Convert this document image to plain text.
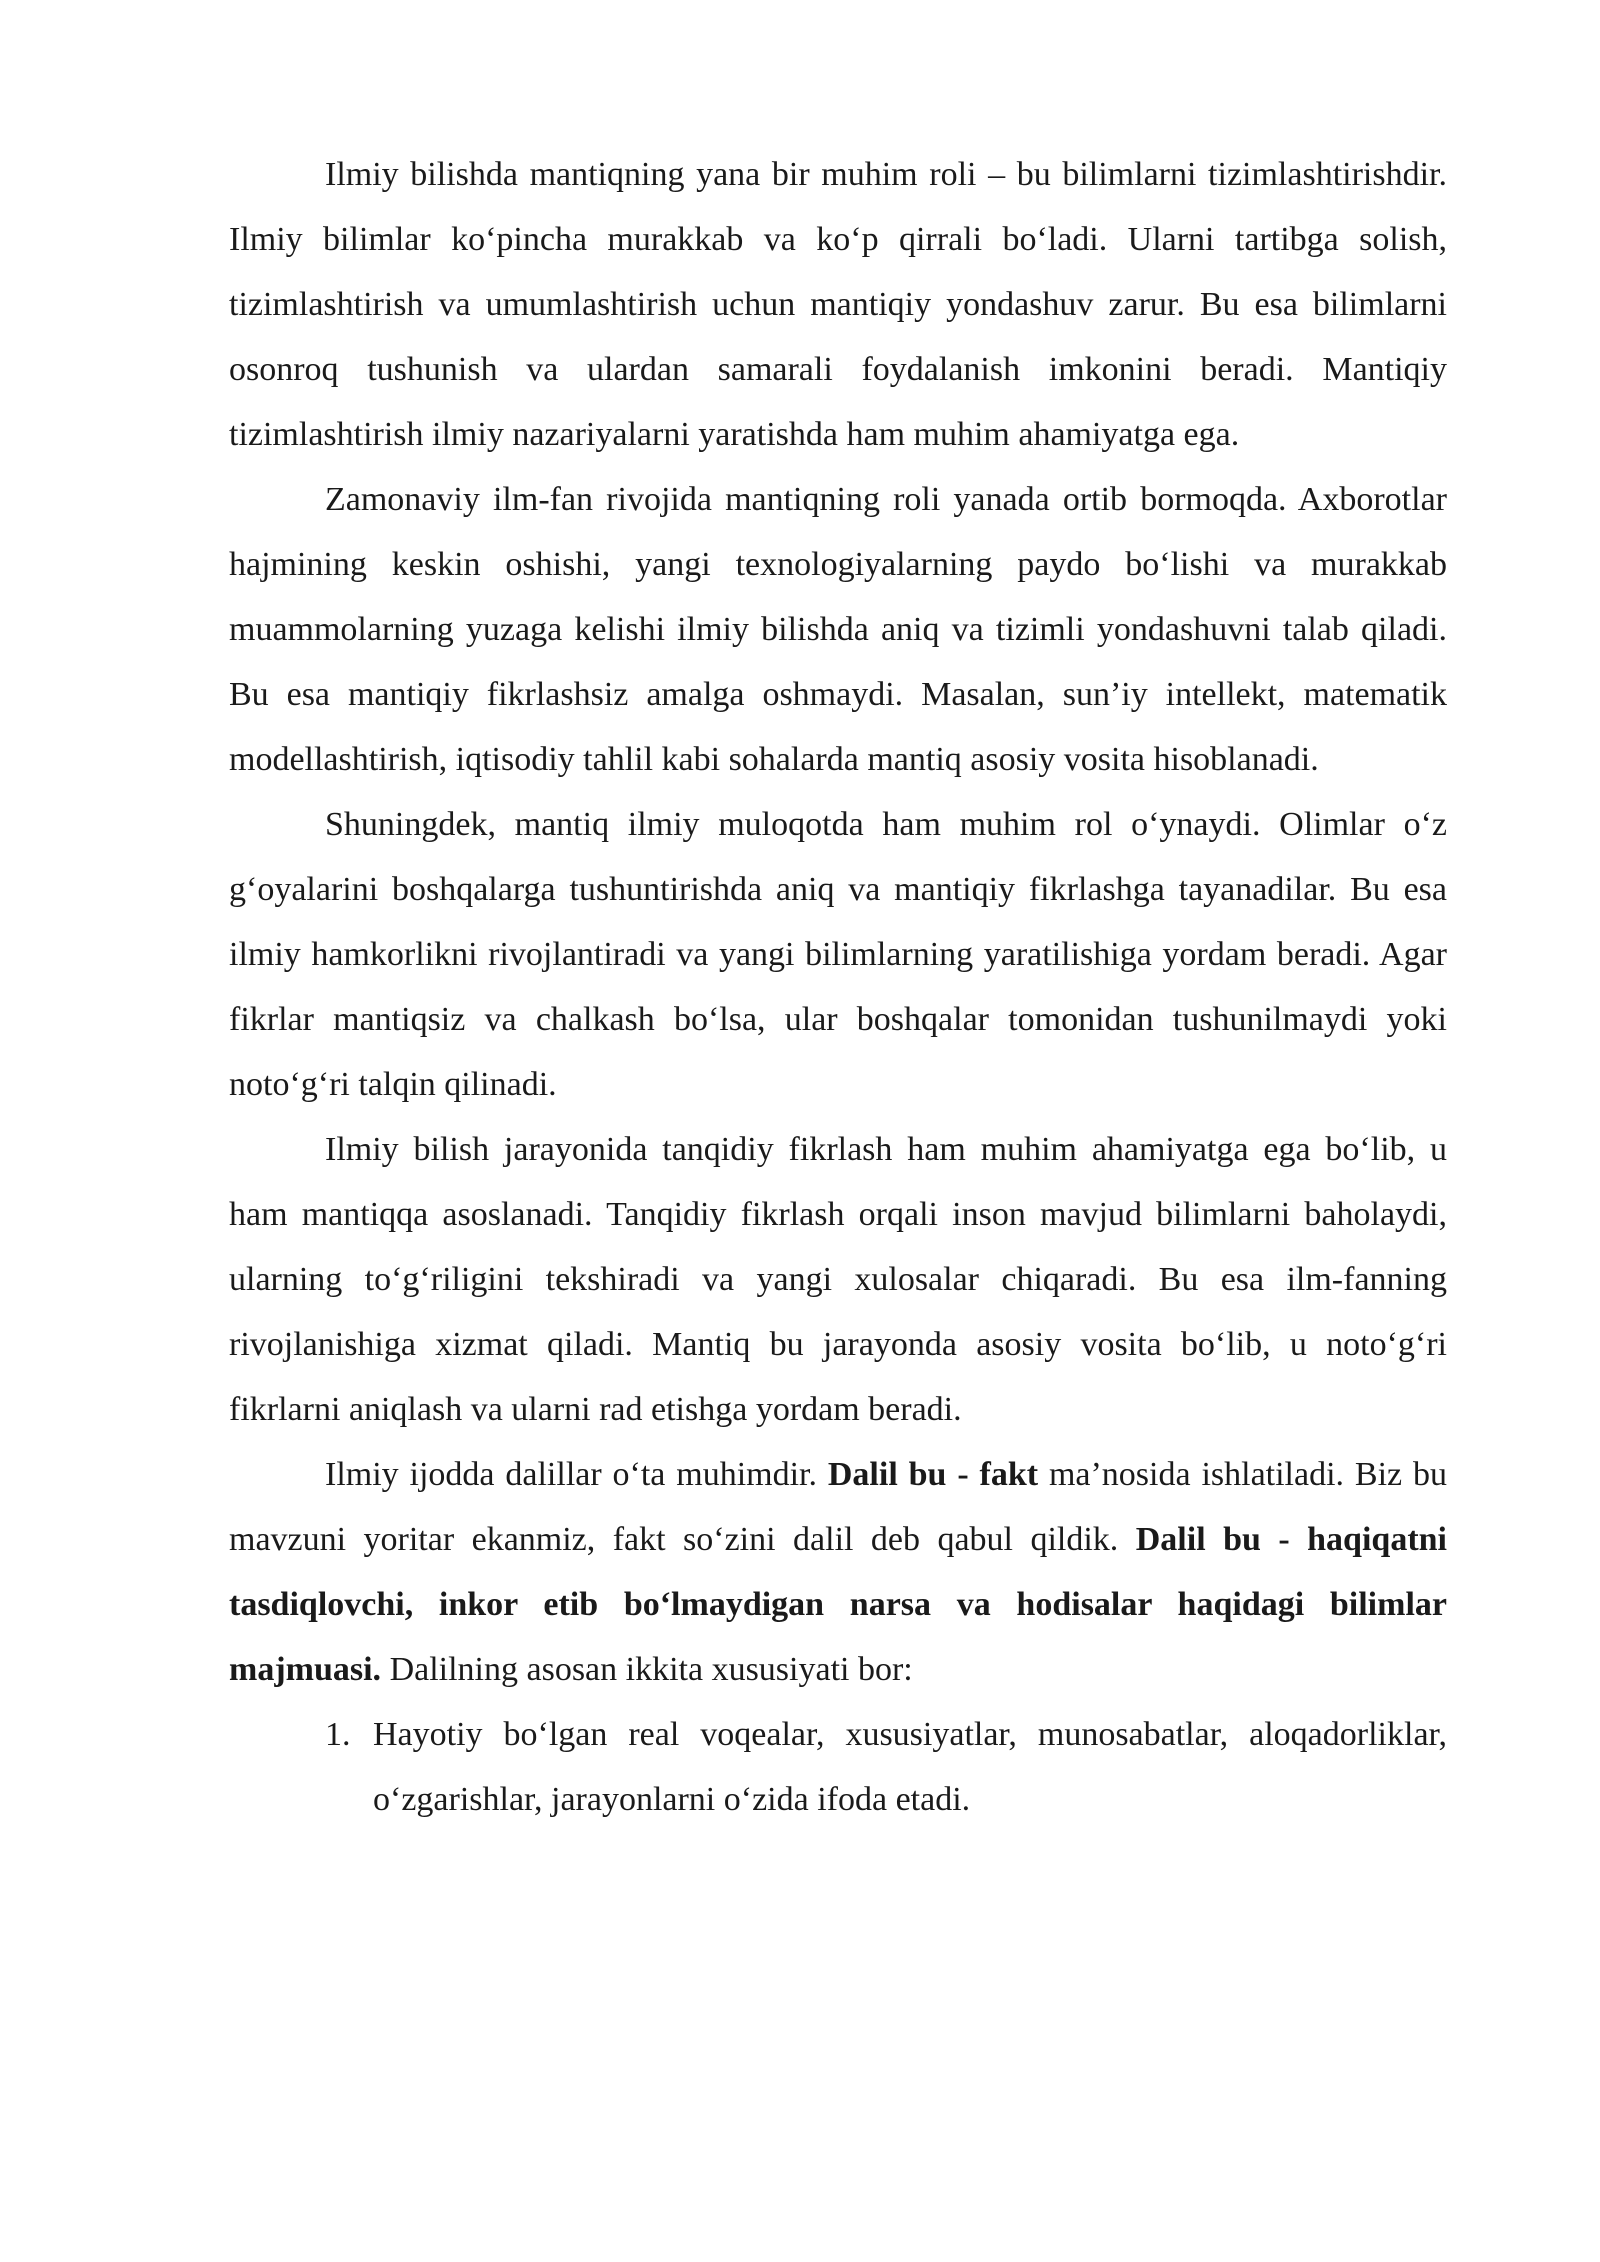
Ilmiy bilishda mantiqning yana bir muhim roli – bu bilimlarni tizimlashtirishdir. Ilmiy bilimlar ko‘pincha murakkab va ko‘p qirrali bo‘ladi. Ularni tartibga solish, tizimlashtirish va umumlashtirish uchun mantiqiy yondashuv zarur. Bu esa bilimlarni osonroq tushunish va ulardan samarali foydalanish imkonini beradi. Mantiqiy tizimlashtirish ilmiy nazariyalarni yaratishda ham muhim ahamiyatga ega.

Zamonaviy ilm-fan rivojida mantiqning roli yanada ortib bormoqda. Axborotlar hajmining keskin oshishi, yangi texnologiyalarning paydo bo‘lishi va murakkab muammolarning yuzaga kelishi ilmiy bilishda aniq va tizimli yondashuvni talab qiladi. Bu esa mantiqiy fikrlashsiz amalga oshmaydi. Masalan, sun’iy intellekt, matematik modellashtirish, iqtisodiy tahlil kabi sohalarda mantiq asosiy vosita hisoblanadi.

Shuningdek, mantiq ilmiy muloqotda ham muhim rol o‘ynaydi. Olimlar o‘z g‘oyalarini boshqalarga tushuntirishda aniq va mantiqiy fikrlashga tayanadilar. Bu esa ilmiy hamkorlikni rivojlantiradi va yangi bilimlarning yaratilishiga yordam beradi. Agar fikrlar mantiqsiz va chalkash bo‘lsa, ular boshqalar tomonidan tushunilmaydi yoki noto‘g‘ri talqin qilinadi.

Ilmiy bilish jarayonida tanqidiy fikrlash ham muhim ahamiyatga ega bo‘lib, u ham mantiqqa asoslanadi. Tanqidiy fikrlash orqali inson mavjud bilimlarni baholaydi, ularning to‘g‘riligini tekshiradi va yangi xulosalar chiqaradi. Bu esa ilm-fanning rivojlanishiga xizmat qiladi. Mantiq bu jarayonda asosiy vosita bo‘lib, u noto‘g‘ri fikrlarni aniqlash va ularni rad etishga yordam beradi.

Ilmiy ijodda dalillar o‘ta muhimdir. Dalil bu - fakt ma’nosida ishlatiladi. Biz bu mavzuni yoritar ekanmiz, fakt so‘zini dalil deb qabul qildik. Dalil bu - haqiqatni tasdiqlovchi, inkor etib bo‘lmaydigan narsa va hodisalar haqidagi bilimlar majmuasi. Dalilning asosan ikkita xususiyati bor:

1. Hayotiy bo‘lgan real voqealar, xususiyatlar, munosabatlar, aloqadorliklar, o‘zgarishlar, jarayonlarni o‘zida ifoda etadi.
